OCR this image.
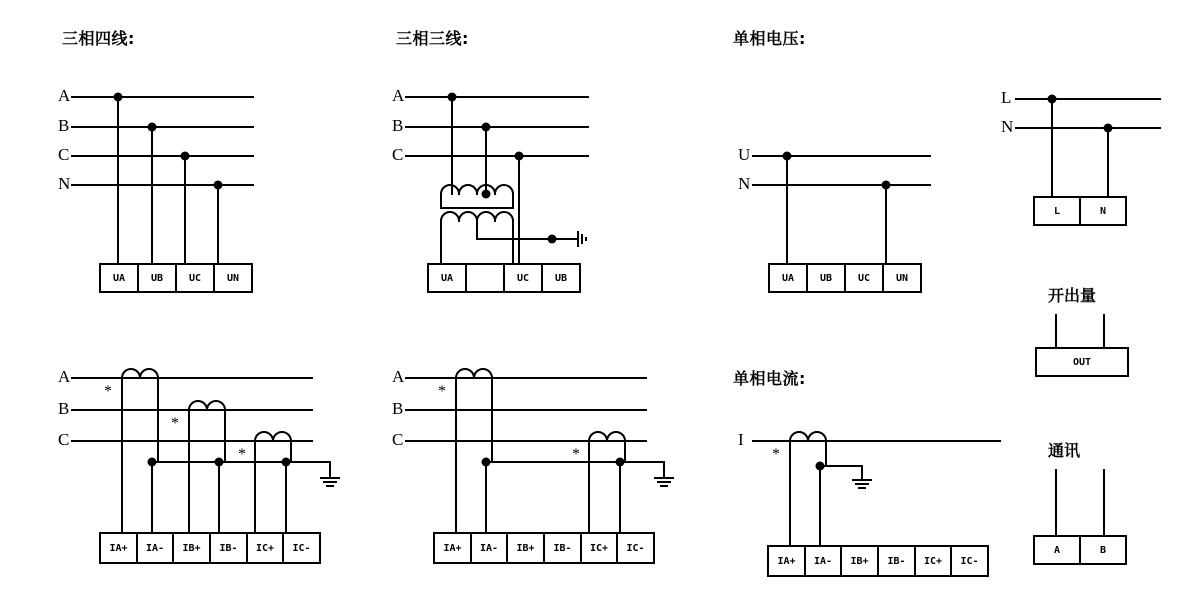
三相四线:	三相三线:	单相电压:
单相电流:
开出量
通讯
A
B
C
N
UA	UB	UC	UN
A
B
C
*
*
*
IA+	IA-	IB+	IB-	IC+	IC-
A
B
C
UA	UC	UB
A
B
C
*
*
IA+	IA-	IB+	IB-	IC+	IC-
U
N
UA	UB	UC	UN
I
*
IA+	IA-	IB+	IB-	IC+	IC-
L
N
L	N
OUT
A	B
